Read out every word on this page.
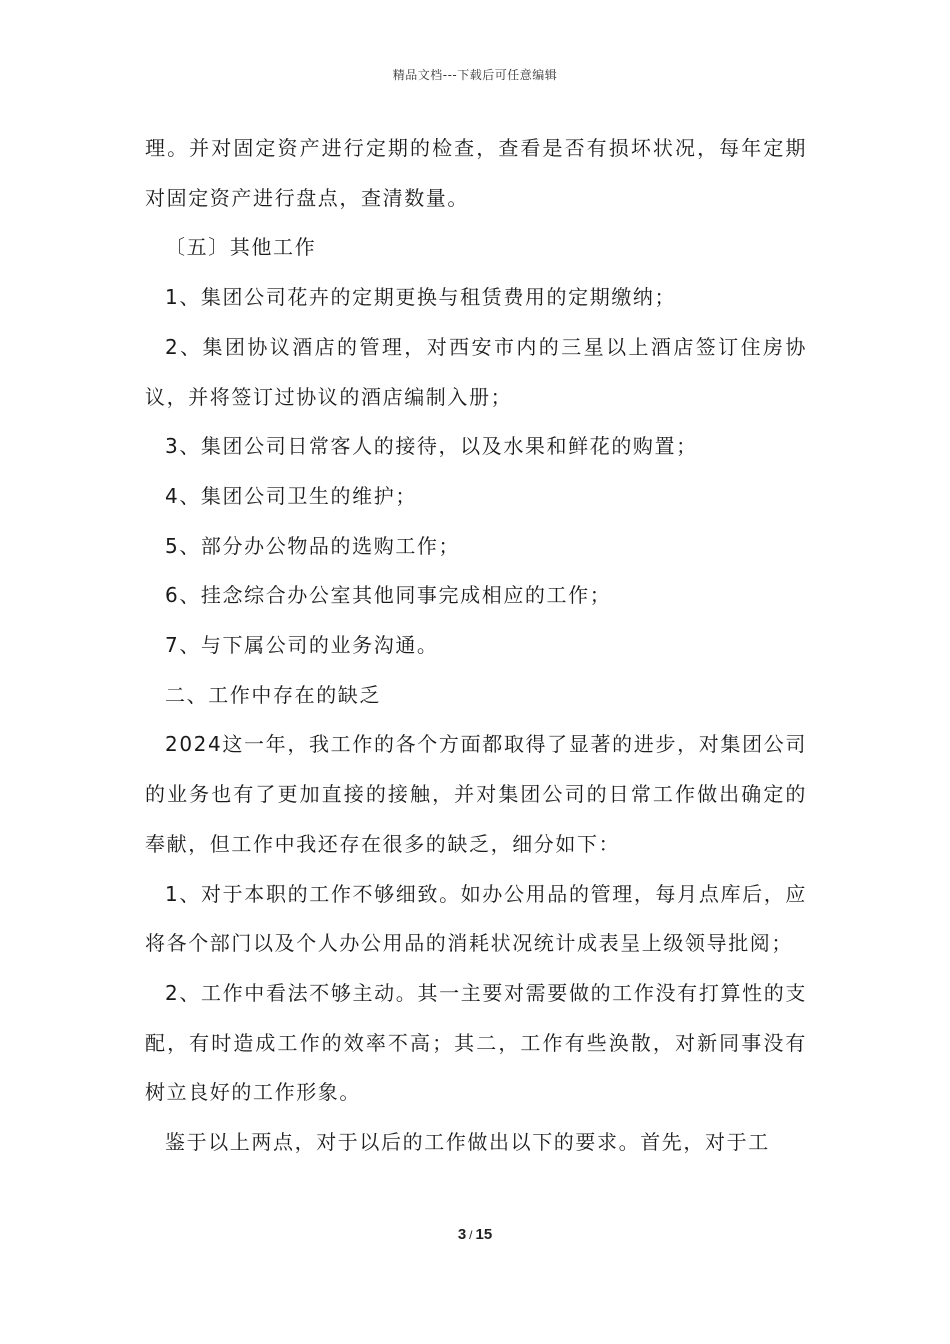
精品文档---下载后可任意编辑

理。并对固定资产进行定期的检查，查看是否有损坏状况，每年定期对固定资产进行盘点，查清数量。

〔五〕其他工作

1、集团公司花卉的定期更换与租赁费用的定期缴纳；

2、集团协议酒店的管理，对西安市内的三星以上酒店签订住房协议，并将签订过协议的酒店编制入册；

3、集团公司日常客人的接待，以及水果和鲜花的购置；

4、集团公司卫生的维护；

5、部分办公物品的选购工作；

6、挂念综合办公室其他同事完成相应的工作；

7、与下属公司的业务沟通。

二、工作中存在的缺乏

2024这一年，我工作的各个方面都取得了显著的进步，对集团公司的业务也有了更加直接的接触，并对集团公司的日常工作做出确定的奉献，但工作中我还存在很多的缺乏，细分如下：

1、对于本职的工作不够细致。如办公用品的管理，每月点库后，应将各个部门以及个人办公用品的消耗状况统计成表呈上级领导批阅；

2、工作中看法不够主动。其一主要对需要做的工作没有打算性的支配，有时造成工作的效率不高；其二，工作有些涣散，对新同事没有树立良好的工作形象。

鉴于以上两点，对于以后的工作做出以下的要求。首先，对于工

3 / 15
